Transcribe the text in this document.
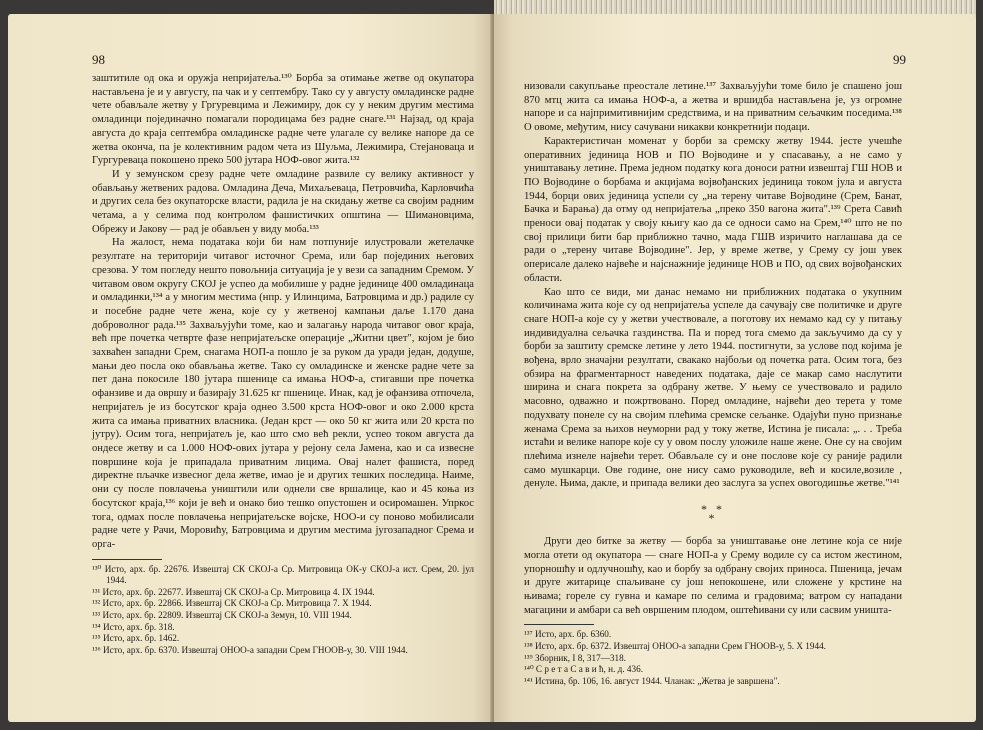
98

заштитиле од ока и оружја непријатеља.¹³⁰ Борба за отимање жетве од окупатора настављена је и у августу, па чак и у септембру. Тако су у августу омладинске радне чете обављале жетву у Гргуревцима и Лежимиру, док су у неким другим местима омладинци појединачно помагали породицама без радне снаге.¹³¹ Најзад, од краја августа до краја септембра омладинске радне чете улагале су велике напоре да се жетва оконча, па је колективним радом чета из Шуљма, Лежимира, Стејановаца и Гургуреваца покошено преко 500 јутара НОФ-овог жита.¹³²

И у земунском срезу радне чете омладине развиле су велику активност у обављању жетвених радова. Омладина Деча, Михаљеваца, Петровчића, Карловчића и других села без окупаторске власти, радила је на скидању жетве са својим радним четама, а у селима под контролом фашистичких општина — Шимановцима, Обрежу и Јакову — рад је обављен у виду моба.¹³³

На жалост, нема података који би нам потпуније илустровали жетелачке резултате на територији читавог источног Срема, или бар појединих његових срезова. У том погледу нешто повољнија ситуација је у вези са западним Сремом. У читавом овом округу СКОЈ је успео да мобилише у радне јединице 400 омладинаца и омладинки,¹³⁴ а у многим местима (нпр. у Илинцима, Батровцима и др.) радиле су и посебне радне чете жена, које су у жетвеној кампањи даље 1.170 дана доброволног рада.¹³⁵ Захваљујући томе, као и залагању народа читавог овог краја, већ пре почетка четврте фазе непријатељске операције „Житни цвет", којом је био захваћен западни Срем, снагама НОП-а пошло је за руком да уради један, додуше, мањи део посла око обављања жетве. Тако су омладинске и женске радне чете за пет дана покосиле 180 јутара пшенице са имања НОФ-а, стигавши пре почетка офанзиве и да овршу и базирају 31.625 кг пшенице. Инак, кад је офанзива отпочела, непријатељ је из босутског краја однео 3.500 крста НОФ-овог и око 2.000 крста жита са имања приватних власника. (Један крст — око 50 кг жита или 20 крста по јутру). Осим тога, непријатељ је, као што смо већ рекли, успео током августа да ондесе жетву и са 1.000 НОФ-ових јутара у рејону села Јамена, као и са извесне површине која је припадала приватним лицима. Овај налет фашиста, поред директне пљачке извесног дела жетве, имао је и других тешких последица. Наиме, они су после повлачења уништили или однели све вршалице, као и 45 коња из босутског краја,¹³⁶ који је већ и онако био тешко опустошен и осиромашен. Упркос тога, одмах после повлачења непријатељске војске, НОО-и су поново мобилисали радне чете у Рачи, Моровићу, Батровцима и другим местима југозападног Срема и орга-

¹³⁰ Исто, арх. бр. 22676. Извештај СК СКОЈ-а Ср. Митровица ОК-у СКОЈ-а ист. Срем, 20. јул 1944.

¹³¹ Исто, арх. бр. 22677. Извештај СК СКОЈ-а Ср. Митровица 4. IX 1944.

¹³² Исто, арх. бр. 22866. Извештај СК СКОЈ-а Ср. Митровица 7. X 1944.

¹³³ Исто, арх. бр. 22809. Извештај СК СКОЈ-а Земун, 10. VIII 1944.

¹³⁴ Исто, арх. бр. 318.

¹³⁵ Исто, арх. бр. 1462.

¹³⁶ Исто, арх. бр. 6370. Извештај ОНОО-а западни Срем ГНООВ-у, 30. VIII 1944.

99

низовали сакупљање преостале летине.¹³⁷ Захваљујући томе било је спашено још 870 мтц жита са имања НОФ-а, а жетва и вршидба настављена је, уз огромне напоре и са најпримитивнијим средствима, и на приватним сељачким поседима.¹³⁸ О овоме, међутим, нису сачувани никакви конкретнији подаци.

Карактеристичан моменат у борби за сремску жетву 1944. јесте учешће оперативних јединица НОВ и ПО Војводине и у спасавању, а не само у уништавању летине. Према једном податку кога доноси ратни извештај ГШ НОВ и ПО Војводине о борбама и акцијама војвођанских јединица током јула и августа 1944, борци ових јединица успели су „на терену читаве Војводине (Срем, Банат, Бачка и Барања) да отму од непријатеља „преко 350 вагона жита".¹³⁹ Срета Савић преноси овај податак у своју књигу као да се односи само на Срем,¹⁴⁰ што не по свој прилици бити бар приближно тачно, мада ГШВ изричито наглашава да се ради о „терену читаве Војводине". Јер, у време жетве, у Срему су још увек оперисале далеко највеће и најснажније јединице НОВ и ПО, од свих војвођанских области.

Као што се види, ми данас немамо ни приближних података о укупним количинама жита које су од непријатеља успеле да сачувају све политичке и друге снаге НОП-а које су у жетви учествовале, а поготову их немамо кад су у питању индивидуална сељачка газдинства. Па и поред тога смемо да закључимо да су у борби за заштиту сремске летине у лето 1944. постигнути, за услове под којима је вођена, врло значајни резултати, свакако најбољи од почетка рата. Осим тога, без обзира на фрагментарност наведених података, даје се макар само наслутити ширина и снага покрета за одбрану жетве. У њему се учествовало и радило масовно, одважно и пожртвовано. Поред омладине, највећи део терета у томе подухвату понеле су на својим плећима сремске сељанке. Одајући пуно признање женама Срема за њихов неуморни рад у току жетве, Истина је писала: „. . . Треба истаћи и велике напоре које су у овом послу уложиле наше жене. Оне су на својим плећима изнеле највећи терет. Обављале су и оне послове које су раније радили само мушкарци. Ове године, оне нису само руководиле, већ и косиле,возиле , денуле. Њима, дакле, и припада велики део заслуга за успех овогодишње жетве."¹⁴¹

* *
*

Други део битке за жетву — борба за уништавање оне летине која се није могла отети од окупатора — снаге НОП-а у Срему водиле су са истом жестином, упорношћу и одлучношћу, као и борбу за одбрану својих приноса. Пшеница, јечам и друге житарице спаљиване су још непокошене, или сложене у крстине на њивама; гореле су гувна и камаре по селима и градовима; ватром су нападани магацини и амбари са већ овршеним плодом, оштећивани су или сасвим уништа-

¹³⁷ Исто, арх. бр. 6360.

¹³⁸ Исто, арх. бр. 6372. Извештај ОНОО-а западни Срем ГНООВ-у, 5. X 1944.

¹³⁹ Зборник, I 8, 317—318.

¹⁴⁰ С р е т а С а в и ћ, н. д. 436.

¹⁴¹ Истина, бр. 106, 16. август 1944. Чланак: „Жетва је завршена".
